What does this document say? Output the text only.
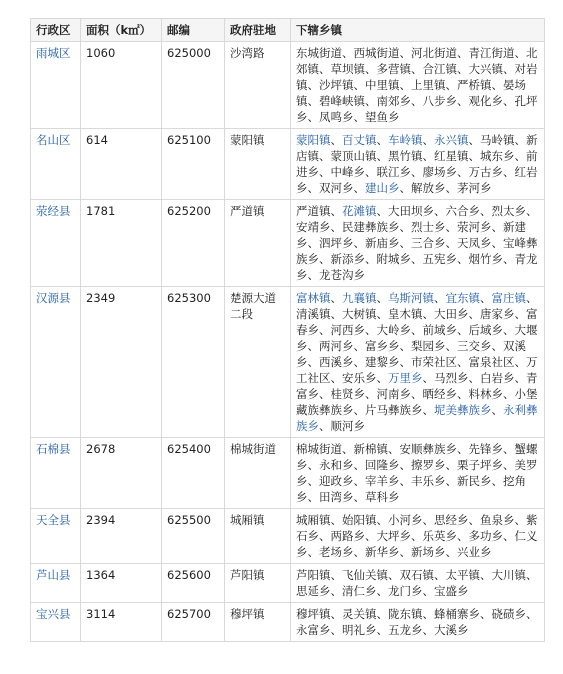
行政区	面积（k㎡）	邮编	政府驻地	下辖乡镇
雨城区	1060	625000	沙湾路	东城街道、西城街道、河北街道、青江街道、北郊镇、草坝镇、多营镇、合江镇、大兴镇、对岩镇、沙坪镇、中里镇、上里镇、严桥镇、晏场镇、碧峰峡镇、南郊乡、八步乡、观化乡、孔坪乡、凤鸣乡、望鱼乡
名山区	614	625100	蒙阳镇	蒙阳镇、百丈镇、车岭镇、永兴镇、马岭镇、新店镇、蒙顶山镇、黑竹镇、红星镇、城东乡、前进乡、中峰乡、联江乡、廖场乡、万古乡、红岩乡、双河乡、建山乡、解放乡、茅河乡
荥经县	1781	625200	严道镇	严道镇、花滩镇、大田坝乡、六合乡、烈太乡、安靖乡、民建彝族乡、烈士乡、荥河乡、新建乡、泗坪乡、新庙乡、三合乡、天凤乡、宝峰彝族乡、新添乡、附城乡、五宪乡、烟竹乡、青龙乡、龙苍沟乡
汉源县	2349	625300	楚源大道二段	富林镇、九襄镇、乌斯河镇、宜东镇、富庄镇、清溪镇、大树镇、皇木镇、大田乡、唐家乡、富春乡、河西乡、大岭乡、前域乡、后域乡、大堰乡、两河乡、富乡乡、梨园乡、三交乡、双溪乡、西溪乡、建黎乡、市荣社区、富泉社区、万工社区、安乐乡、万里乡、马烈乡、白岩乡、青富乡、桂贤乡、河南乡、晒经乡、料林乡、小堡藏族彝族乡、片马彝族乡、坭美彝族乡、永利彝族乡、顺河乡
石棉县	2678	625400	棉城街道	棉城街道、新棉镇、安顺彝族乡、先锋乡、蟹螺乡、永和乡、回隆乡、擦罗乡、栗子坪乡、美罗乡、迎政乡、宰羊乡、丰乐乡、新民乡、挖角乡、田湾乡、草科乡
天全县	2394	625500	城厢镇	城厢镇、始阳镇、小河乡、思经乡、鱼泉乡、紫石乡、两路乡、大坪乡、乐英乡、多功乡、仁义乡、老场乡、新华乡、新场乡、兴业乡
芦山县	1364	625600	芦阳镇	芦阳镇、飞仙关镇、双石镇、太平镇、大川镇、思延乡、清仁乡、龙门乡、宝盛乡
宝兴县	3114	625700	穆坪镇	穆坪镇、灵关镇、陇东镇、蜂桶寨乡、硗碛乡、永富乡、明礼乡、五龙乡、大溪乡
